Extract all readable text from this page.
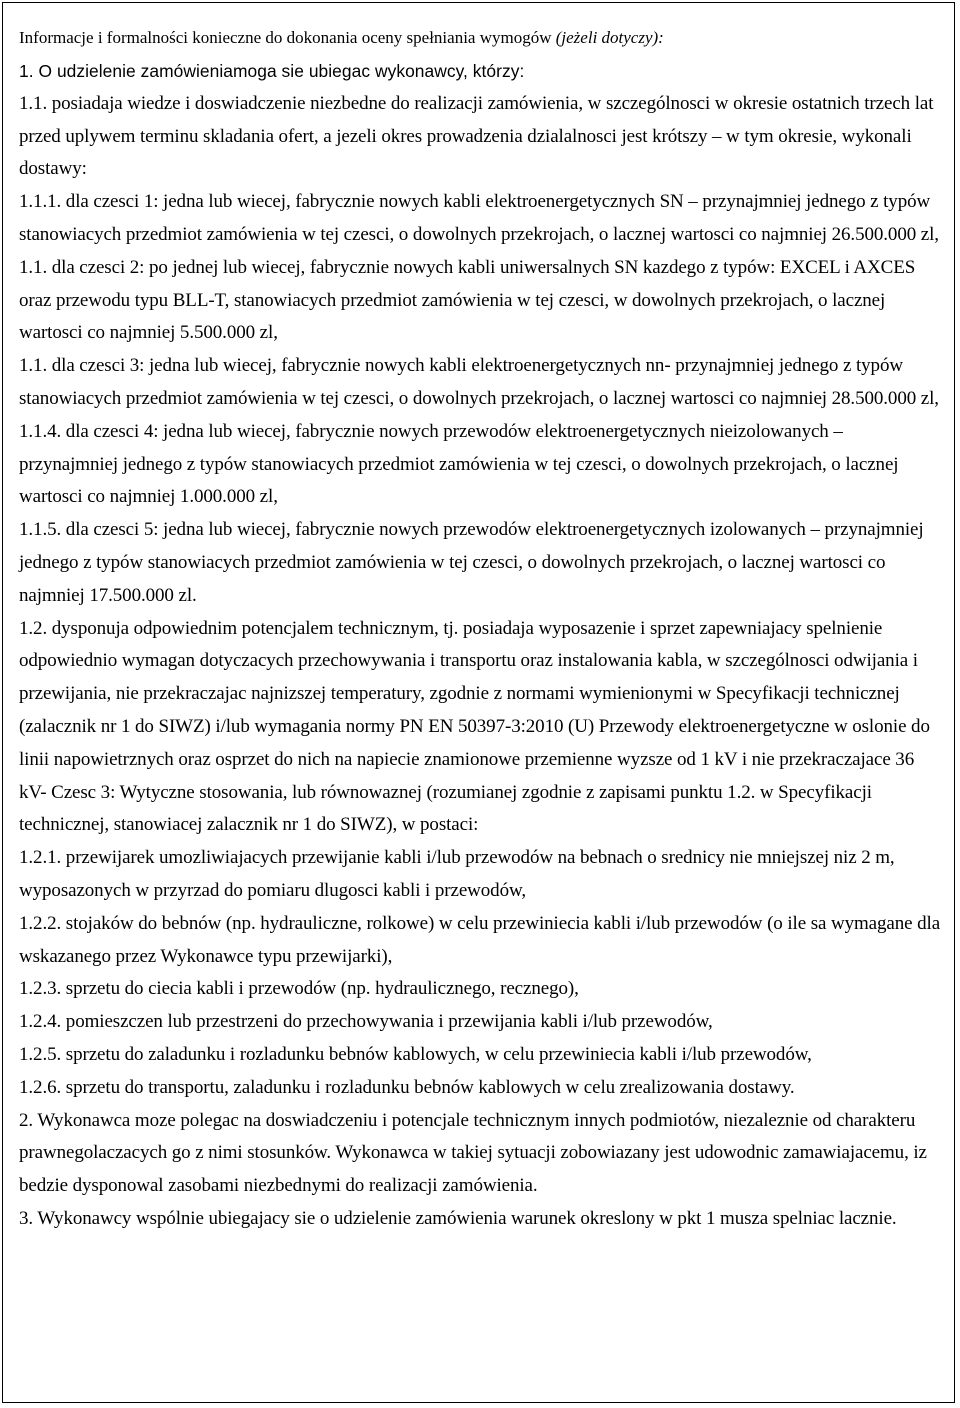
Informacje i formalności konieczne do dokonania oceny spełniania wymogów (jeżeli dotyczy):

1. O udzielenie zamówieniamoga sie ubiegac wykonawcy, którzy:

1.1. posiadaja wiedze i doswiadczenie niezbedne do realizacji zamówienia, w szczególnosci w okresie ostatnich trzech lat przed uplywem terminu skladania ofert, a jezeli okres prowadzenia dzialalnosci jest krótszy – w tym okresie, wykonali dostawy:

1.1.1. dla czesci 1: jedna lub wiecej, fabrycznie nowych kabli elektroenergetycznych SN – przynajmniej jednego z typów stanowiacych przedmiot zamówienia w tej czesci, o dowolnych przekrojach, o lacznej wartosci co najmniej 26.500.000 zl,

1.1. dla czesci 2: po jednej lub wiecej, fabrycznie nowych kabli uniwersalnych SN kazdego z typów: EXCEL i AXCES oraz przewodu typu BLL-T, stanowiacych przedmiot zamówienia w tej czesci, w dowolnych przekrojach, o lacznej wartosci co najmniej 5.500.000 zl,

1.1. dla czesci 3: jedna lub wiecej, fabrycznie nowych kabli elektroenergetycznych nn- przynajmniej jednego z typów stanowiacych przedmiot zamówienia w tej czesci, o dowolnych przekrojach, o lacznej wartosci co najmniej 28.500.000 zl,

1.1.4. dla czesci 4: jedna lub wiecej, fabrycznie nowych przewodów elektroenergetycznych nieizolowanych – przynajmniej jednego z typów stanowiacych przedmiot zamówienia w tej czesci, o dowolnych przekrojach, o lacznej wartosci co najmniej 1.000.000 zl,

1.1.5. dla czesci 5: jedna lub wiecej, fabrycznie nowych przewodów elektroenergetycznych izolowanych – przynajmniej jednego z typów stanowiacych przedmiot zamówienia w tej czesci, o dowolnych przekrojach, o lacznej wartosci co najmniej 17.500.000 zl.

1.2. dysponuja odpowiednim potencjalem technicznym, tj. posiadaja wyposazenie i sprzet zapewniajacy spelnienie odpowiednio wymagan dotyczacych przechowywania i transportu oraz instalowania kabla, w szczególnosci odwijania i przewijania, nie przekraczajac najnizszej temperatury, zgodnie z normami wymienionymi w Specyfikacji technicznej (zalacznik nr 1 do SIWZ) i/lub wymagania normy PN EN 50397-3:2010 (U) Przewody elektroenergetyczne w oslonie do linii napowietrznych oraz osprzet do nich na napiecie znamionowe przemienne wyzsze od 1 kV i nie przekraczajace 36 kV- Czesc 3: Wytyczne stosowania, lub równowaznej (rozumianej zgodnie z zapisami punktu 1.2. w Specyfikacji technicznej, stanowiacej zalacznik nr 1 do SIWZ), w postaci:

1.2.1. przewijarek umozliwiajacych przewijanie kabli i/lub przewodów na bebnach o srednicy nie mniejszej niz 2 m, wyposazonych w przyrzad do pomiaru dlugosci kabli i przewodów,

1.2.2. stojaków do bebnów (np. hydrauliczne, rolkowe) w celu przewiniecia kabli i/lub przewodów (o ile sa wymagane dla wskazanego przez Wykonawce typu przewijarki),

1.2.3. sprzetu do ciecia kabli i przewodów (np. hydraulicznego, recznego),

1.2.4. pomieszczen lub przestrzeni do przechowywania i przewijania kabli i/lub przewodów,

1.2.5. sprzetu do zaladunku i rozladunku bebnów kablowych, w celu przewiniecia kabli i/lub przewodów,

1.2.6. sprzetu do transportu, zaladunku i rozladunku bebnów kablowych w celu zrealizowania dostawy.

2. Wykonawca moze polegac na doswiadczeniu i potencjale technicznym innych podmiotów, niezaleznie od charakteru prawnegolaczacych go z nimi stosunków. Wykonawca w takiej sytuacji zobowiazany jest udowodnic zamawiajacemu, iz bedzie dysponowal zasobami niezbednymi do realizacji zamówienia.

3. Wykonawcy wspólnie ubiegajacy sie o udzielenie zamówienia warunek okreslony w pkt 1 musza spelniac lacznie.
